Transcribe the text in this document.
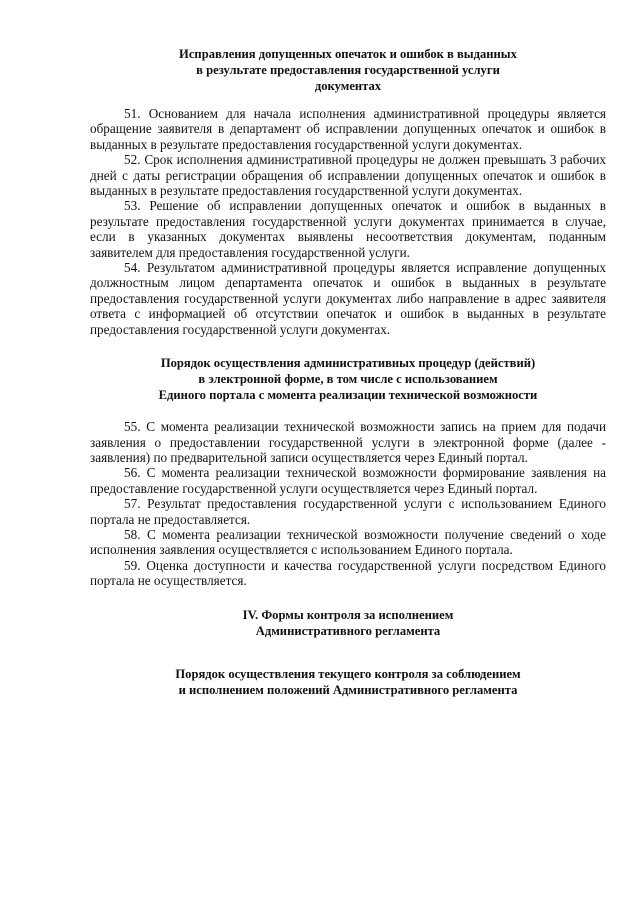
Исправления допущенных опечаток и ошибок в выданных
в результате предоставления государственной услуги
документах

51. Основанием для начала исполнения административной процедуры является обращение заявителя в департамент об исправлении допущенных опечаток и ошибок в выданных в результате предоставления государственной услуги документах.

52. Срок исполнения административной процедуры не должен превышать 3 рабочих дней с даты регистрации обращения об исправлении допущенных опечаток и ошибок в выданных в результате предоставления государственной услуги документах.

53. Решение об исправлении допущенных опечаток и ошибок в выданных в результате предоставления государственной услуги документах принимается в случае, если в указанных документах выявлены несоответствия документам, поданным заявителем для предоставления государственной услуги.

54. Результатом административной процедуры является исправление допущенных должностным лицом департамента опечаток и ошибок в выданных в результате предоставления государственной услуги документах либо направление в адрес заявителя ответа с информацией об отсутствии опечаток и ошибок в выданных в результате предоставления государственной услуги документах.

Порядок осуществления административных процедур (действий)
в электронной форме, в том числе с использованием
Единого портала с момента реализации технической возможности

55. С момента реализации технической возможности запись на прием для подачи заявления о предоставлении государственной услуги в электронной форме (далее - заявления) по предварительной записи осуществляется через Единый портал.

56. С момента реализации технической возможности формирование заявления на предоставление государственной услуги осуществляется через Единый портал.

57. Результат предоставления государственной услуги с использованием Единого портала не предоставляется.

58. С момента реализации технической возможности получение сведений о ходе исполнения заявления осуществляется с использованием Единого портала.

59. Оценка доступности и качества государственной услуги посредством Единого портала не осуществляется.

IV. Формы контроля за исполнением
Административного регламента
Порядок осуществления текущего контроля за соблюдением
и исполнением положений Административного регламента
